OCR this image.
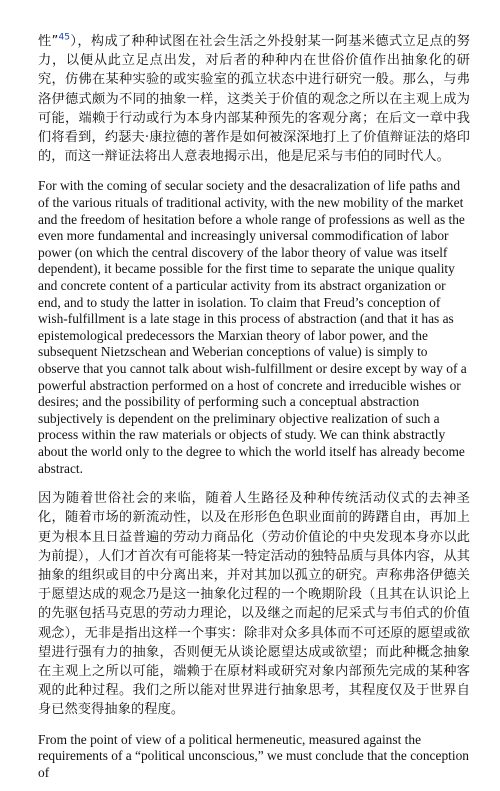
性”$^{45}$），构成了种种试图在社会生活之外投射某一阿基米德式立足点的努力，以便从此立足点出发，对后者的种种内在世俗价值作出抽象化的研究，仿佛在某种实验的或实验室的孤立状态中进行研究一般。那么，与弗洛伊德式颇为不同的抽象一样，这类关于价值的观念之所以在主观上成为可能，端赖于行动或行为本身内部某种预先的客观分离；在后文一章中我们将看到，约瑟夫·康拉德的著作是如何被深深地打上了价值辩证法的烙印的，而这一辩证法将出人意表地揭示出，他是尼采与韦伯的同时代人。

For with the coming of secular society and the desacralization of life paths and of the various rituals of traditional activity, with the new mobility of the market and the freedom of hesitation before a whole range of professions as well as the even more fundamental and increasingly universal commodification of labor power (on which the central discovery of the labor theory of value was itself dependent), it became possible for the first time to separate the unique quality and concrete content of a particular activity from its abstract organization or end, and to study the latter in isolation. To claim that Freud’s conception of wish-fulfillment is a late stage in this process of abstraction (and that it has as epistemological predecessors the Marxian theory of labor power, and the subsequent Nietzschean and Weberian conceptions of value) is simply to observe that you cannot talk about wish-fulfillment or desire except by way of a powerful abstraction performed on a host of concrete and irreducible wishes or desires; and the possibility of performing such a conceptual abstraction subjectively is dependent on the preliminary objective realization of such a process within the raw materials or objects of study. We can think abstractly about the world only to the degree to which the world itself has already become abstract.

因为随着世俗社会的来临，随着人生路径及种种传统活动仪式的去神圣化，随着市场的新流动性，以及在形形色色职业面前的踌躇自由，再加上更为根本且日益普遍的劳动力商品化（劳动价值论的中央发现本身亦以此为前提），人们才首次有可能将某一特定活动的独特品质与具体内容，从其抽象的组织或目的中分离出来，并对其加以孤立的研究。声称弗洛伊德关于愿望达成的观念乃是这一抽象化过程的一个晚期阶段（且其在认识论上的先驱包括马克思的劳动力理论，以及继之而起的尼采式与韦伯式的价值观念），无非是指出这样一个事实：除非对众多具体而不可还原的愿望或欲望进行强有力的抽象，否则便无从谈论愿望达成或欲望；而此种概念抽象在主观上之所以可能，端赖于在原材料或研究对象内部预先完成的某种客观的此种过程。我们之所以能对世界进行抽象思考，其程度仅及于世界自身已然变得抽象的程度。

From the point of view of a political hermeneutic, measured against the requirements of a “political unconscious,” we must conclude that the conception of
